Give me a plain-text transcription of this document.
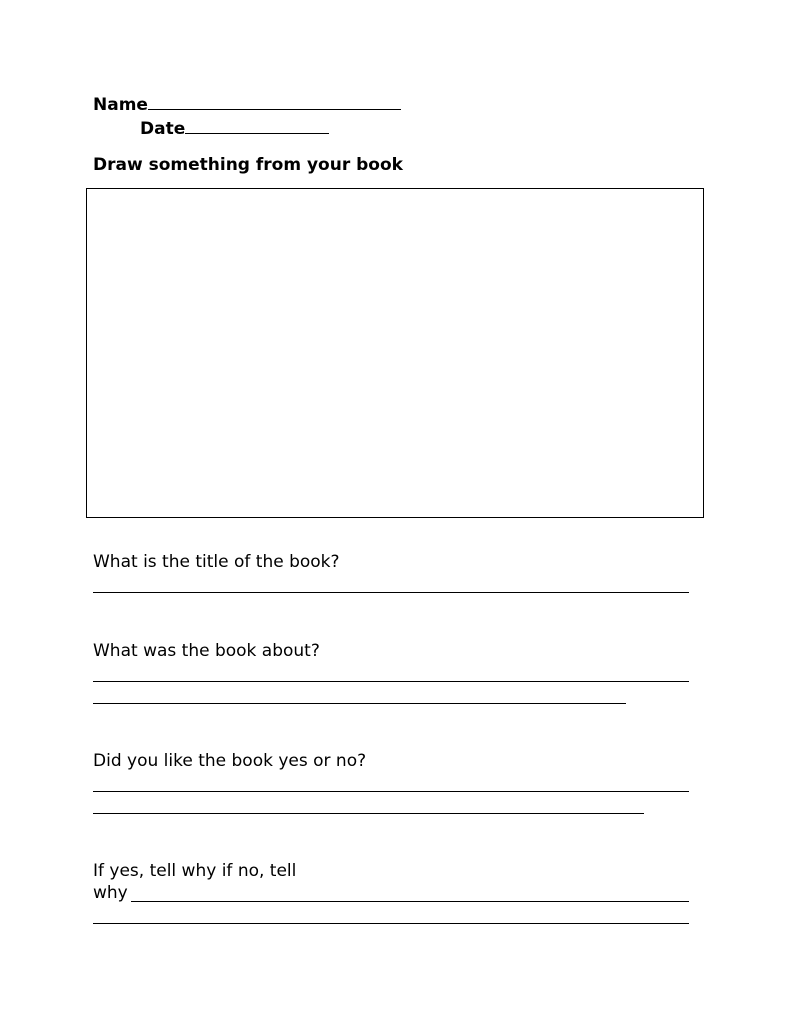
Name
Date
Draw something from your book
What is the title of the book?
What was the book about?
Did you like the book yes or no?
If yes, tell why if no, tell
why
